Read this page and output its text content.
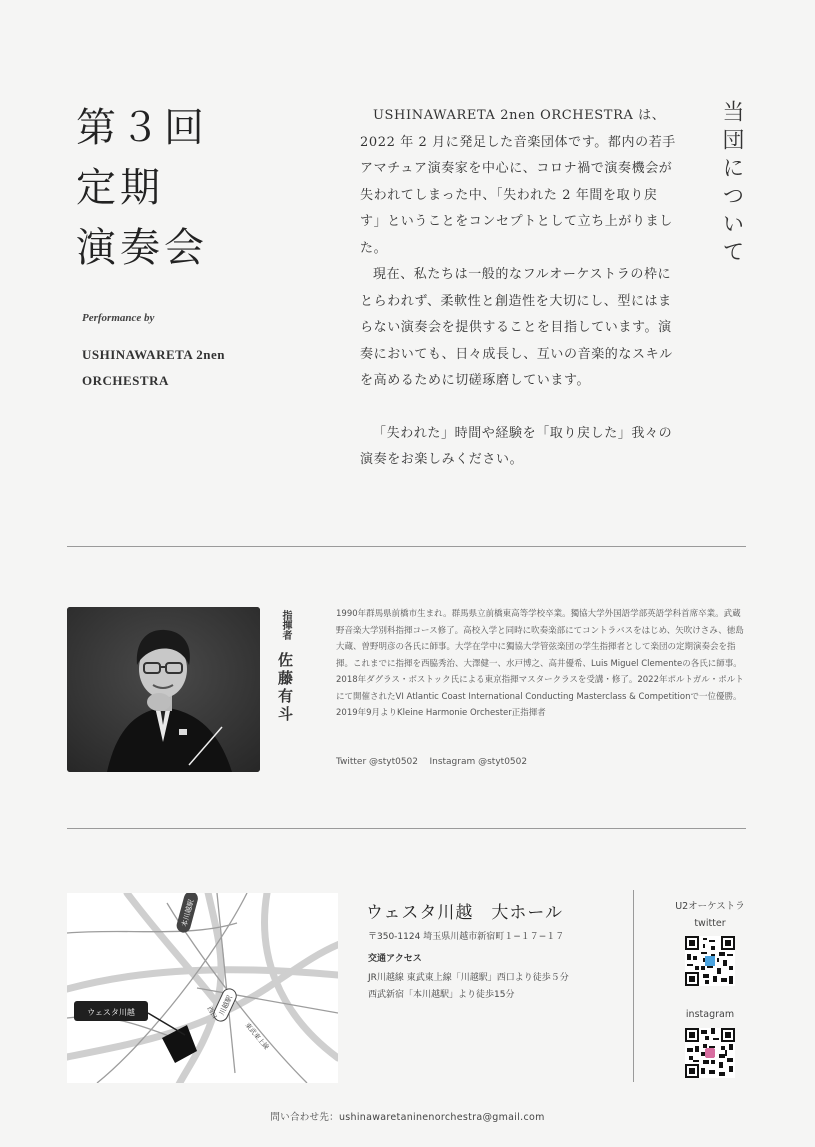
第３回
定期
演奏会
Performance by
USHINAWARETA 2nen
ORCHESTRA

USHINAWARETA 2nen ORCHESTRA は、2022 年 2 月に発足した音楽団体です。都内の若手アマチュア演奏家を中心に、コロナ禍で演奏機会が失われてしまった中、「失われた 2 年間を取り戻す」ということをコンセプトとして立ち上がりました。

現在、私たちは一般的なフルオーケストラの枠にとらわれず、柔軟性と創造性を大切にし、型にはまらない演奏会を提供することを目指しています。演奏においても、日々成長し、互いの音楽的なスキルを高めるために切磋琢磨しています。

「失われた」時間や経験を「取り戻した」我々の演奏をお楽しみください。

当団について
指揮者
佐藤有斗
1990年群馬県前橋市生まれ。群馬県立前橋東高等学校卒業。獨協大学外国語学部英語学科首席卒業。武蔵野音楽大学別科指揮コース修了。高校入学と同時に吹奏楽部にてコントラバスをはじめ、矢吹けさみ、徳島大蔵、曽野明彦の各氏に師事。大学在学中に獨協大学管弦楽団の学生指揮者として楽団の定期演奏会を指揮。これまでに指揮を西脇秀治、大澤健一、水戸博之、高井優希、Luis Miguel Clementeの各氏に師事。2018年ダグラス・ボストック氏による東京指揮マスタークラスを受講・修了。2022年ポルトガル・ポルトにて開催されたVI Atlantic Coast International Conducting Masterclass & Competitionで一位優勝。2019年9月よりKleine Harmonie Orchester正指揮者
Twitter @styt0502 Instagram @styt0502
ウェスタ川越
本川越駅
川越駅
西口
東武東上線
ウェスタ川越　大ホール
〒350-1124 埼玉県川越市新宿町１−１７−１７
交通アクセス
JR川越線 東武東上線「川越駅」西口より徒歩５分
西武新宿「本川越駅」より徒歩15分
U2オーケストラ
twitter
instagram
問い合わせ先：ushinawaretaninenorchestra@gmail.com
